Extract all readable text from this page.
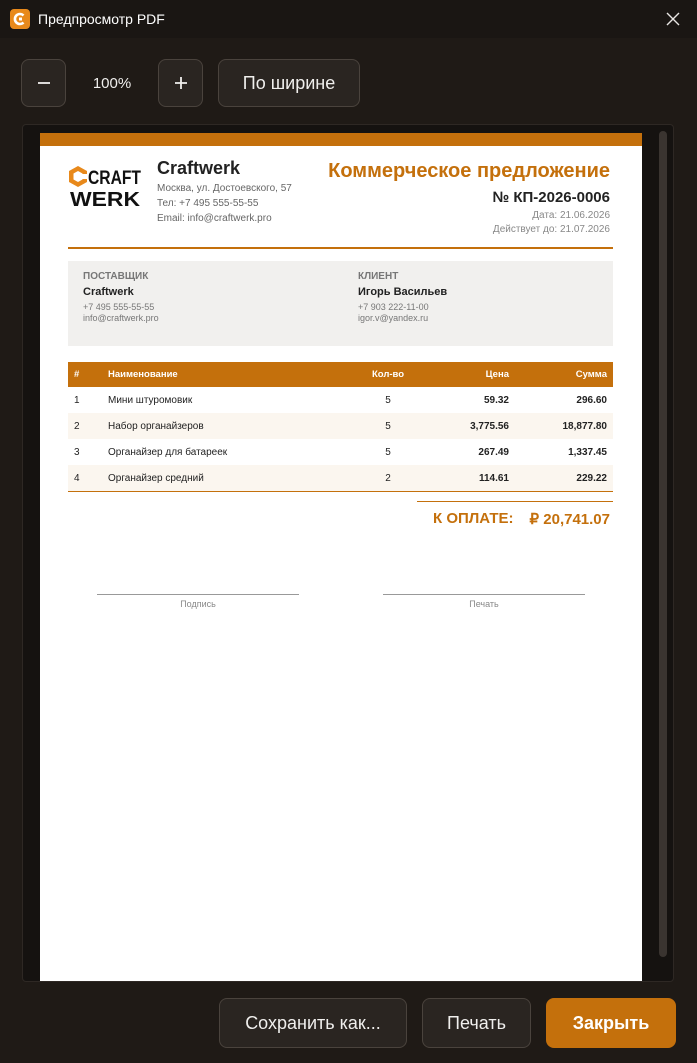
Предпросмотр PDF
100%	По ширине
CRAFT
WERK
Craftwerk
Москва, ул. Достоевского, 57
Тел: +7 495 555-55-55
Email: info@craftwerk.pro
Коммерческое предложение
№ КП-2026-0006
Дата: 21.06.2026
Действует до: 21.07.2026
ПОСТАВЩИК
Craftwerk
+7 495 555-55-55
info@craftwerk.pro
КЛИЕНТ
Игорь Васильев
+7 903 222-11-00
igor.v@yandex.ru
#	Наименование	Кол-во	Цена	Сумма
1	Мини штуромовик	5	59.32	296.60
2	Набор органайзеров	5	3,775.56	18,877.80
3	Органайзер для батареек	5	267.49	1,337.45
4	Органайзер средний	2	114.61	229.22
К ОПЛАТЕ: ₽ 20,741.07
Подпись	Печать
Сохранить как...	Печать	Закрыть
